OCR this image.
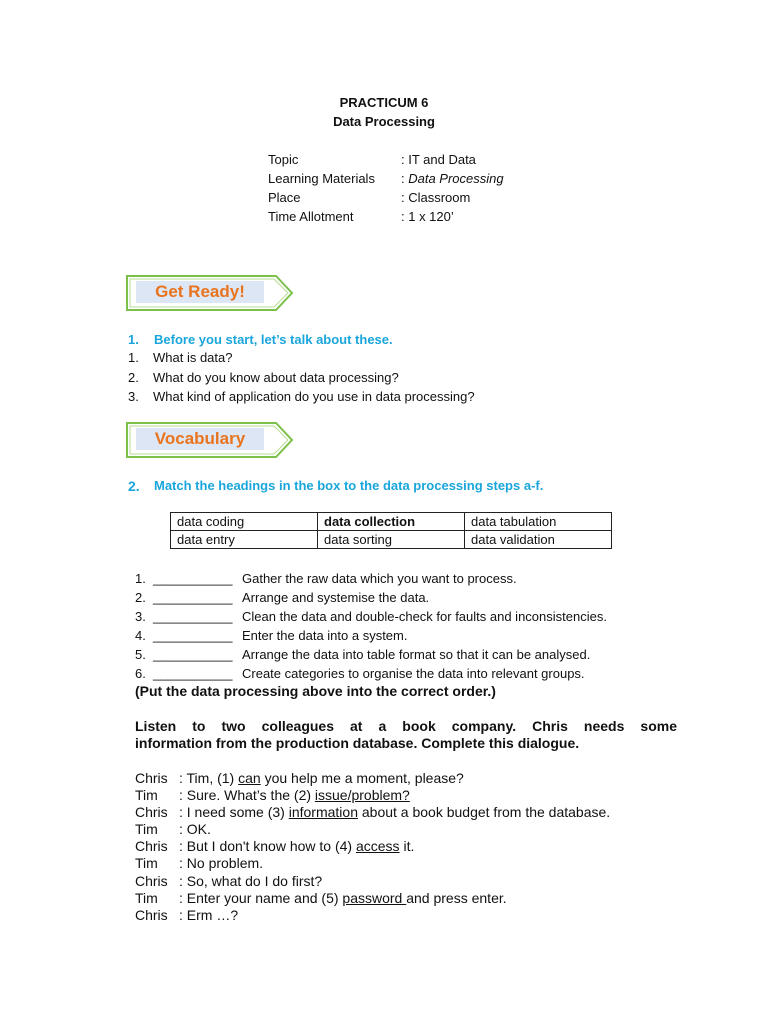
PRACTICUM 6
Data Processing
Topic	: IT and Data
Learning Materials : Data Processing
Place	: Classroom
Time Allotment	: 1 x 120’
Get Ready!
1. Before you start, let’s talk about these.
1. What is data?
2. What do you know about data processing?
3. What kind of application do you use in data processing?
Vocabulary
2. Match the headings in the box to the data processing steps a-f.
data coding	data collection	data tabulation
data entry	data sorting	data validation
1. ___________ Gather the raw data which you want to process.
2. ___________ Arrange and systemise the data.
3. ___________ Clean the data and double-check for faults and inconsistencies.
4. ___________ Enter the data into a system.
5. ___________ Arrange the data into table format so that it can be analysed.
6. ___________ Create categories to organise the data into relevant groups.
(Put the data processing above into the correct order.)
Listen to two colleagues at a book company. Chris needs some
information from the production database. Complete this dialogue.
Chris : Tim, (1) can you help me a moment, please?
Tim : Sure. What’s the (2) issue/problem?
Chris : I need some (3) information about a book budget from the database.
Tim : OK.
Chris : But I don't know how to (4) access it.
Tim : No problem.
Chris : So, what do I do first?
Tim : Enter your name and (5) password and press enter.
Chris : Erm …?
